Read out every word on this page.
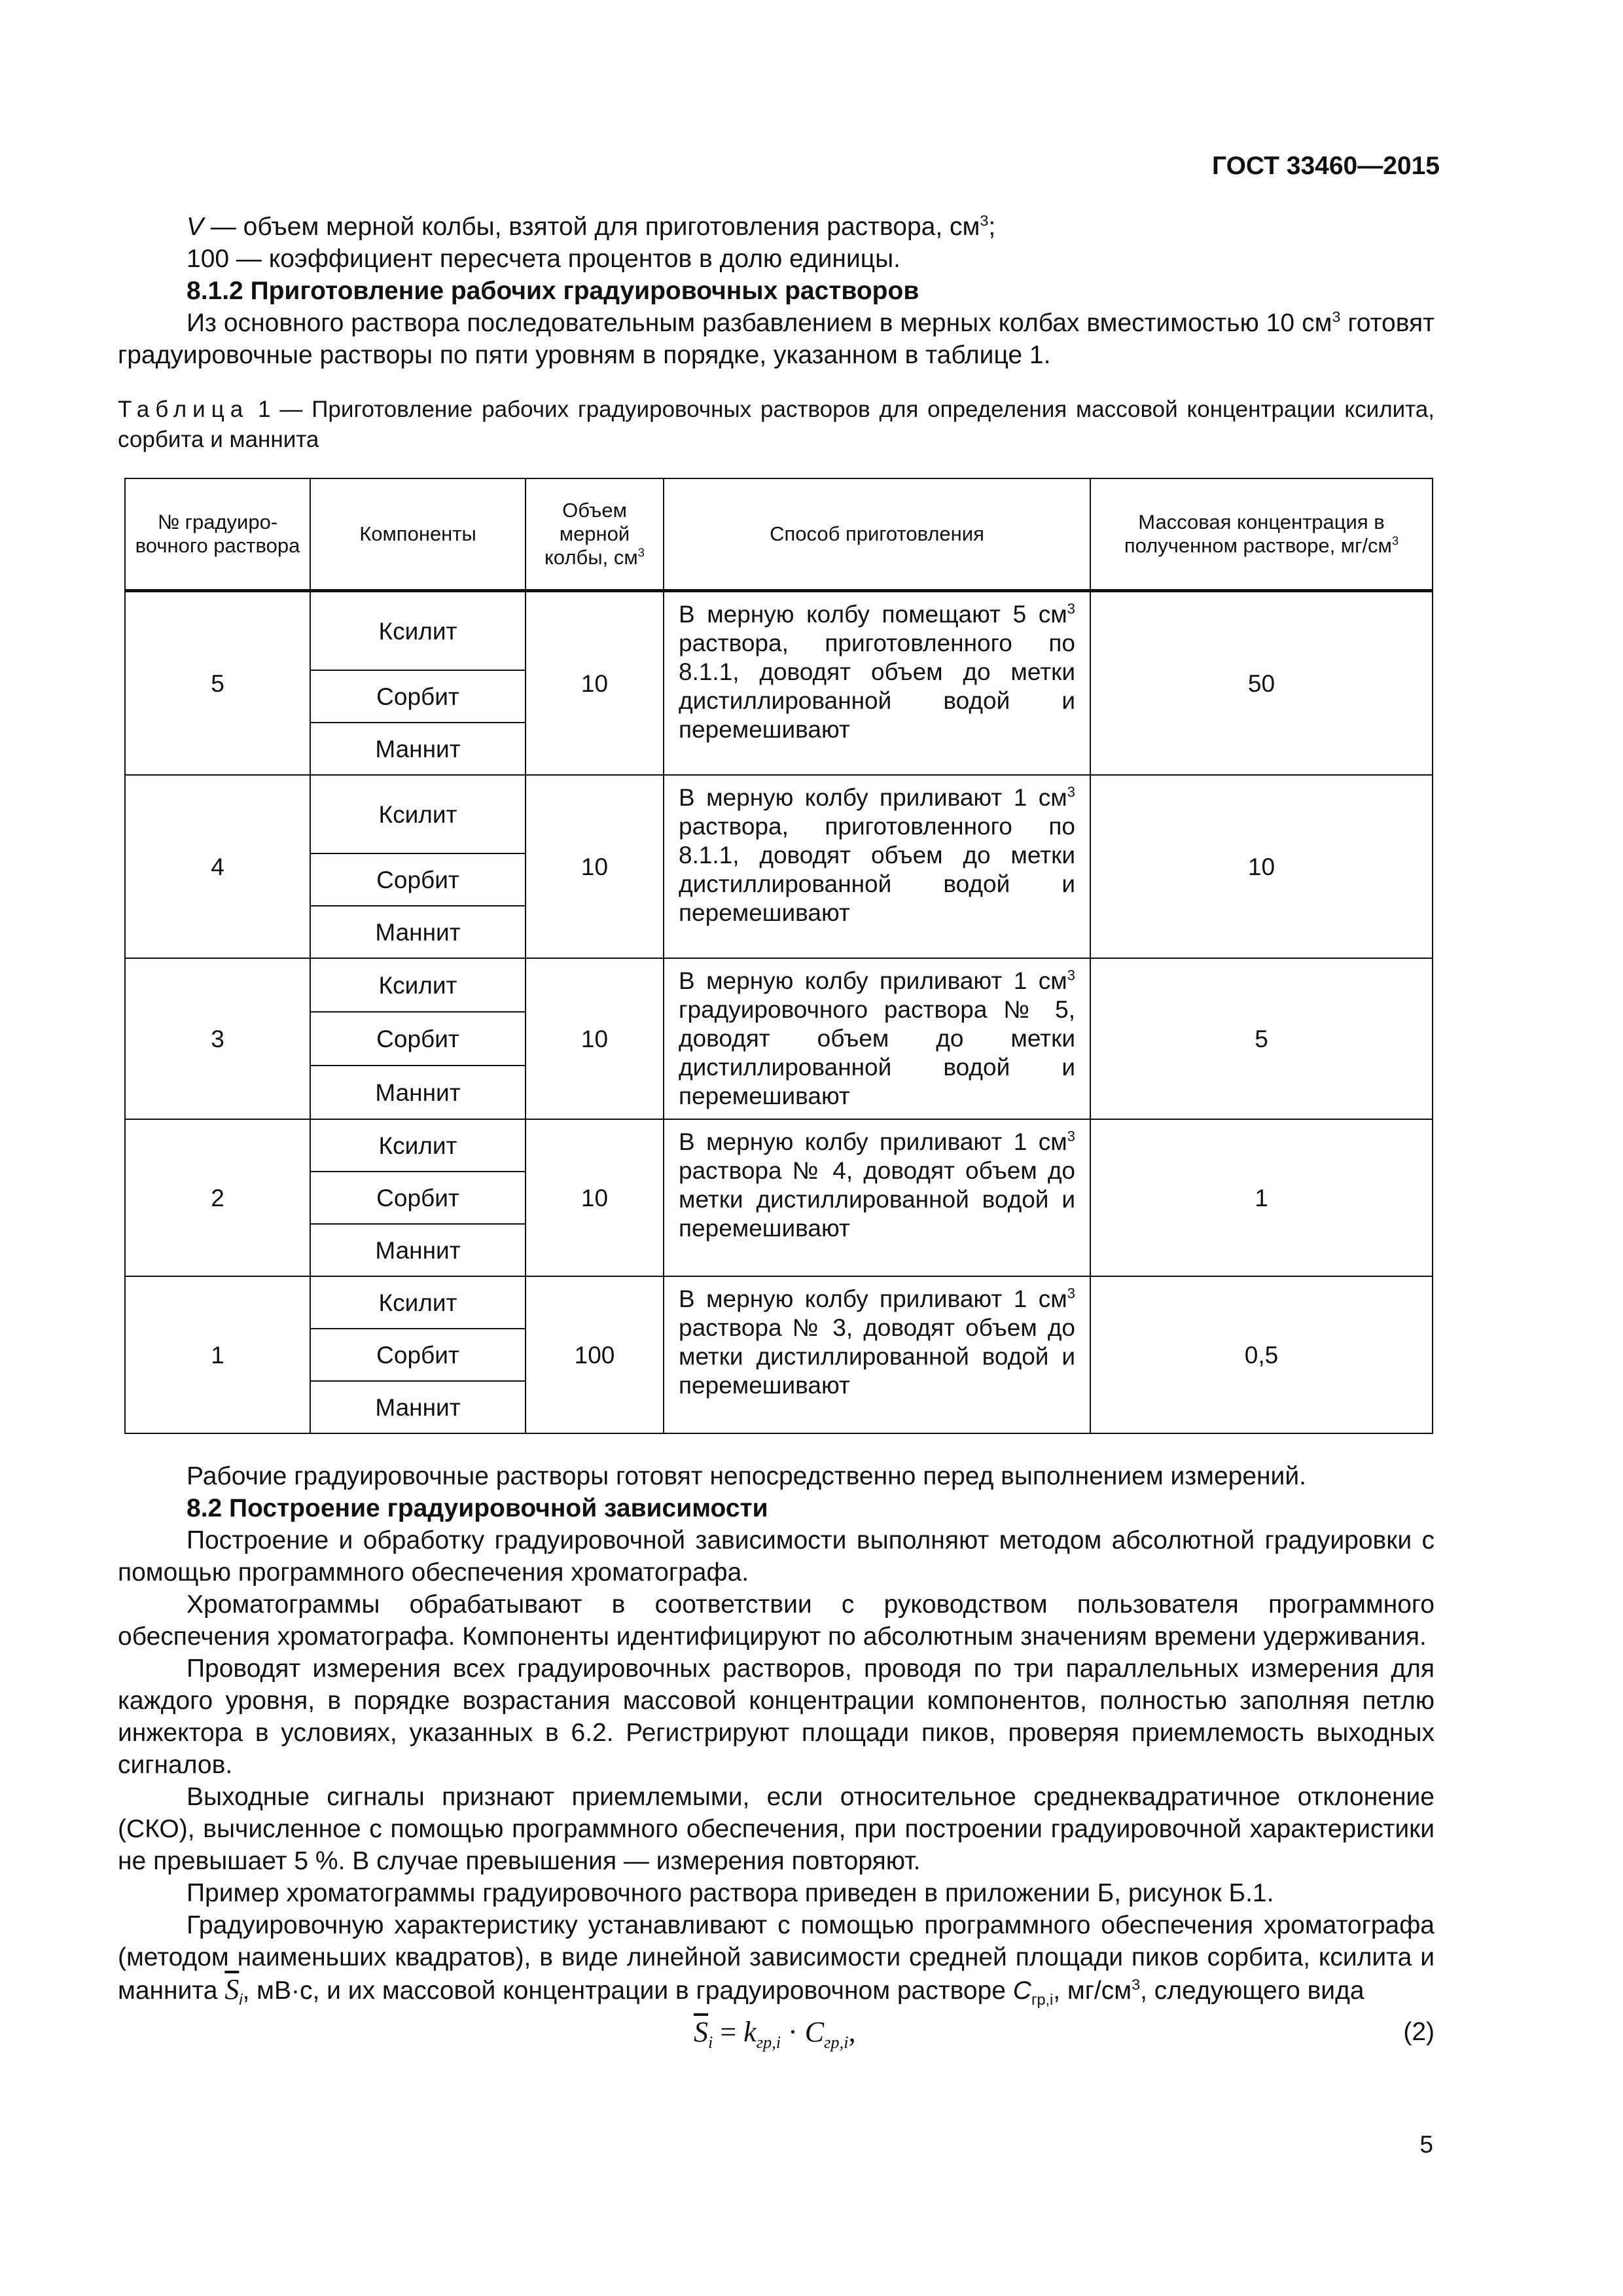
ГОСТ 33460—2015

V — объем мерной колбы, взятой для приготовления раствора, $см^3$;

100 — коэффициент пересчета процентов в долю единицы.

8.1.2 Приготовление рабочих градуировочных растворов

Из основного раствора последовательным разбавлением в мерных колбах вместимостью 10 $см^3$ готовят градуировочные растворы по пяти уровням в порядке, указанном в таблице 1.

Таблица 1 — Приготовление рабочих градуировочных растворов для определения массовой концентрации ксилита, сорбита и маннита

№ градуиро-вочного раствора	Компоненты	Объем мерной колбы, $см^3$	Способ приготовления	Массовая концентрация в полученном растворе, $мг/см^3$
5	Ксилит	10	В мерную колбу помещают 5 $см^3$ раствора, приготовленного по 8.1.1, доводят объем до метки дистиллированной водой и перемешивают	50
	Сорбит			
	Маннит			
4	Ксилит	10	В мерную колбу приливают 1 $см^3$ раствора, приготовленного по 8.1.1, доводят объем до метки дистиллированной водой и перемешивают	10
	Сорбит			
	Маннит			
3	Ксилит	10	В мерную колбу приливают 1 $см^3$ градуировочного раствора № 5, доводят объем до метки дистиллированной водой и перемешивают	5
	Сорбит			
	Маннит			
2	Ксилит	10	В мерную колбу приливают 1 $см^3$ раствора № 4, доводят объем до метки дистиллированной водой и перемешивают	1
	Сорбит			
	Маннит			
1	Ксилит	100	В мерную колбу приливают 1 $см^3$ раствора № 3, доводят объем до метки дистиллированной водой и перемешивают	0,5
	Сорбит			
	Маннит			

Рабочие градуировочные растворы готовят непосредственно перед выполнением измерений.

8.2 Построение градуировочной зависимости

Построение и обработку градуировочной зависимости выполняют методом абсолютной градуировки с помощью программного обеспечения хроматографа.

Хроматограммы обрабатывают в соответствии с руководством пользователя программного обеспечения хроматографа. Компоненты идентифицируют по абсолютным значениям времени удерживания.

Проводят измерения всех градуировочных растворов, проводя по три параллельных измерения для каждого уровня, в порядке возрастания массовой концентрации компонентов, полностью заполняя петлю инжектора в условиях, указанных в 6.2. Регистрируют площади пиков, проверяя приемлемость выходных сигналов.

Выходные сигналы признают приемлемыми, если относительное среднеквадратичное отклонение (СКО), вычисленное с помощью программного обеспечения, при построении градуировочной характеристики не превышает 5 %. В случае превышения — измерения повторяют.

Пример хроматограммы градуировочного раствора приведен в приложении Б, рисунок Б.1.

Градуировочную характеристику устанавливают с помощью программного обеспечения хроматографа (методом наименьших квадратов), в виде линейной зависимости средней площади пиков сорбита, ксилита и маннита $\overline{S}_i$, мВ·с, и их массовой концентрации в градуировочном растворе $C_{гр,i}$, $мг/см^3$, следующего вида

$\overline{S}_i = k_{гр,i} \cdot C_{гр,i}$,	(2)
5
